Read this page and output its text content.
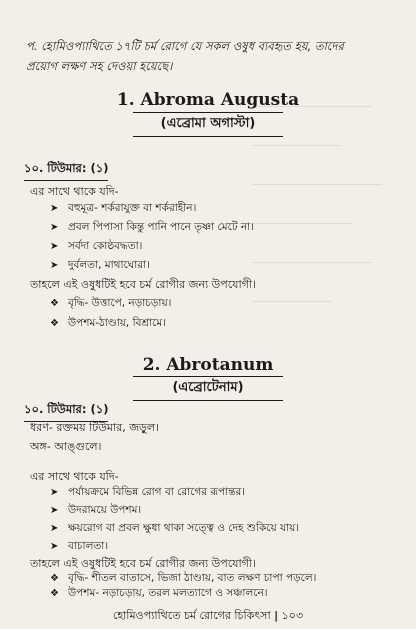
প. হোমিওপ্যাথিতে ১৭টি চর্ম রোগে যে সকল ওষুধ ব্যবহৃত হয়, তাদের
প্রয়োগ লক্ষণ সহ দেওয়া হয়েছে।
1. Abroma Augusta
(এব্রোমা অগাস্টা)
১০. টিউমার: (১)
এর সাথে থাকে যদি-
➤ বহুমূত্র- শর্করাযুক্ত বা শর্করাহীন।
➤ প্রবল পিপাসা কিন্তু পানি পানে তৃষ্ণা মেটে না।
➤ সর্বদা কোষ্ঠবদ্ধতা।
➤ দুর্বলতা, মাথাঘোরা।
তাহলে এই ওষুধটিই হবে চর্ম রোগীর জন্য উপযোগী।
❖ বৃদ্ধি- উত্তাপে, নড়াচড়ায়।
❖ উপশম-ঠাণ্ডায়, বিশ্রামে।
2. Abrotanum
(এব্রোটেনাম)
১০. টিউমার: (১)
ধরণ- রক্তময় টিউমার, জড়ুল।
অঙ্গ- আঙ্গুলে।
এর সাথে থাকে যদি-
➤ পর্যায়ক্রমে বিভিন্ন রোগ বা রোগের রূপান্তর।
➤ উদরাময়ে উপশম।
➤ ক্ষয়রোগ বা প্রবল ক্ষুধা থাকা সত্ত্বে ও দেহ শুকিয়ে যায়।
➤ বাচালতা।
তাহলে এই ওষুধটিই হবে চর্ম রোগীর জন্য উপযোগী।
❖ বৃদ্ধি- শীতল বাতাসে, ভিজা ঠাণ্ডায়, বাত লক্ষণ চাপা পড়লে।
❖ উপশম- নড়াচড়ায়, তরল মলত্যাগে ও সঞ্চালনে।
হোমিওপ্যাথিতে চর্ম রোগের চিকিৎসা | ১০৩
